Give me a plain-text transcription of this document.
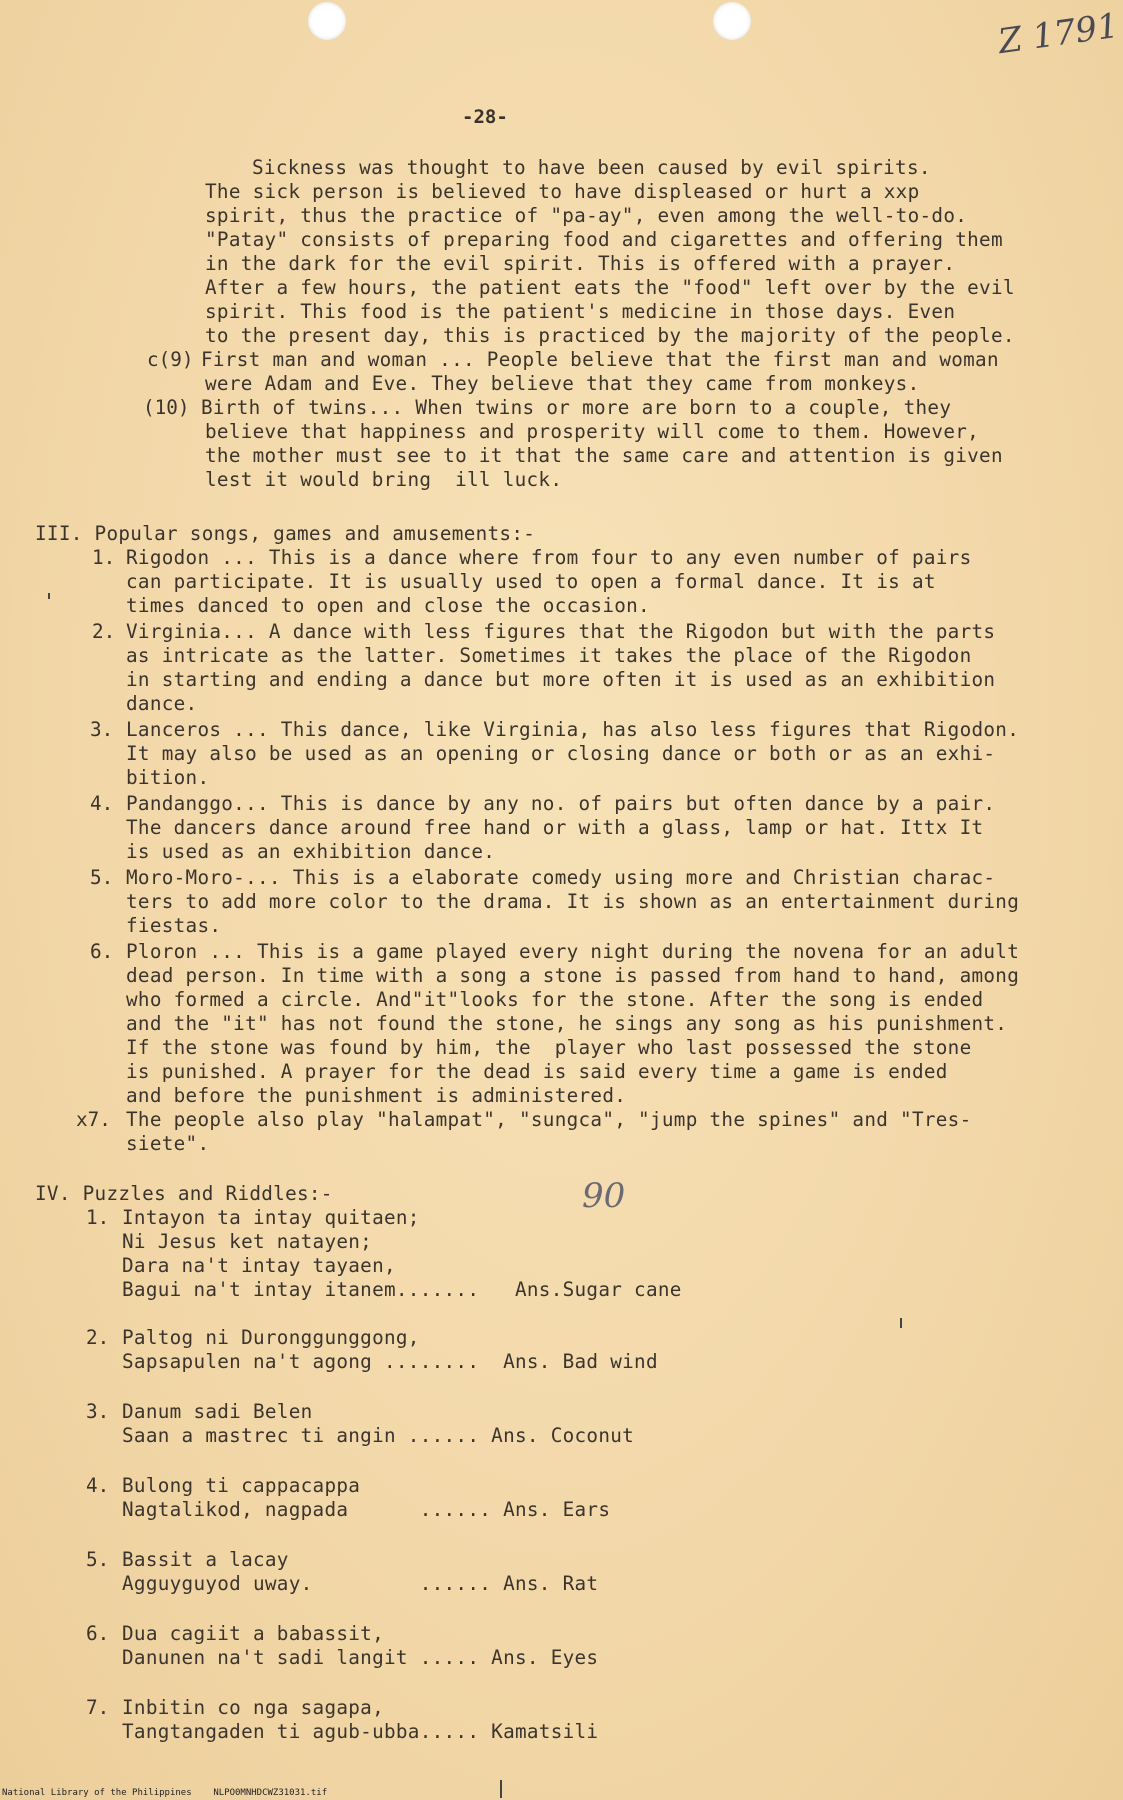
Z 1791
-28-
Sickness was thought to have been caused by evil spirits.
The sick person is believed to have displeased or hurt a xxp
spirit, thus the practice of "pa-ay", even among the well-to-do.
"Patay" consists of preparing food and cigarettes and offering them
in the dark for the evil spirit. This is offered with a prayer.
After a few hours, the patient eats the "food" left over by the evil
spirit. This food is the patient's medicine in those days. Even
to the present day, this is practiced by the majority of the people.
c(9) First man and woman ... People believe that the first man and woman
were Adam and Eve. They believe that they came from monkeys.
(10) Birth of twins... When twins or more are born to a couple, they
believe that happiness and prosperity will come to them. However,
the mother must see to it that the same care and attention is given
lest it would bring  ill luck.
III. Popular songs, games and amusements:-
1. Rigodon ... This is a dance where from four to any even number of pairs
can participate. It is usually used to open a formal dance. It is at
times danced to open and close the occasion.
2. Virginia... A dance with less figures that the Rigodon but with the parts
as intricate as the latter. Sometimes it takes the place of the Rigodon
in starting and ending a dance but more often it is used as an exhibition
dance.
3. Lanceros ... This dance, like Virginia, has also less figures that Rigodon.
It may also be used as an opening or closing dance or both or as an exhi-
bition.
4. Pandanggo... This is dance by any no. of pairs but often dance by a pair.
The dancers dance around free hand or with a glass, lamp or hat. Ittx It
is used as an exhibition dance.
5. Moro-Moro-... This is a elaborate comedy using more and Christian charac-
ters to add more color to the drama. It is shown as an entertainment during
fiestas.
6. Ploron ... This is a game played every night during the novena for an adult
dead person. In time with a song a stone is passed from hand to hand, among
who formed a circle. And"it"looks for the stone. After the song is ended
and the "it" has not found the stone, he sings any song as his punishment.
If the stone was found by him, the  player who last possessed the stone
is punished. A prayer for the dead is said every time a game is ended
and before the punishment is administered.
x7. The people also play "halampat", "sungca", "jump the spines" and "Tres-
siete".
IV. Puzzles and Riddles:-	90
1. Intayon ta intay quitaen;
Ni Jesus ket natayen;
Dara na't intay tayaen,
Bagui na't intay itanem.......   Ans.Sugar cane
2. Paltog ni Duronggunggong,
Sapsapulen na't agong ........  Ans. Bad wind
3. Danum sadi Belen
Saan a mastrec ti angin ...... Ans. Coconut
4. Bulong ti cappacappa
Nagtalikod, nagpada      ...... Ans. Ears
5. Bassit a lacay
Agguyguyod uway.         ...... Ans. Rat
6. Dua cagiit a babassit,
Danunen na't sadi langit ..... Ans. Eyes
7. Inbitin co nga sagapa,
Tangtangaden ti agub-ubba..... Kamatsili
National Library of the Philippines    NLPO0MNHDCWZ31031.tif
